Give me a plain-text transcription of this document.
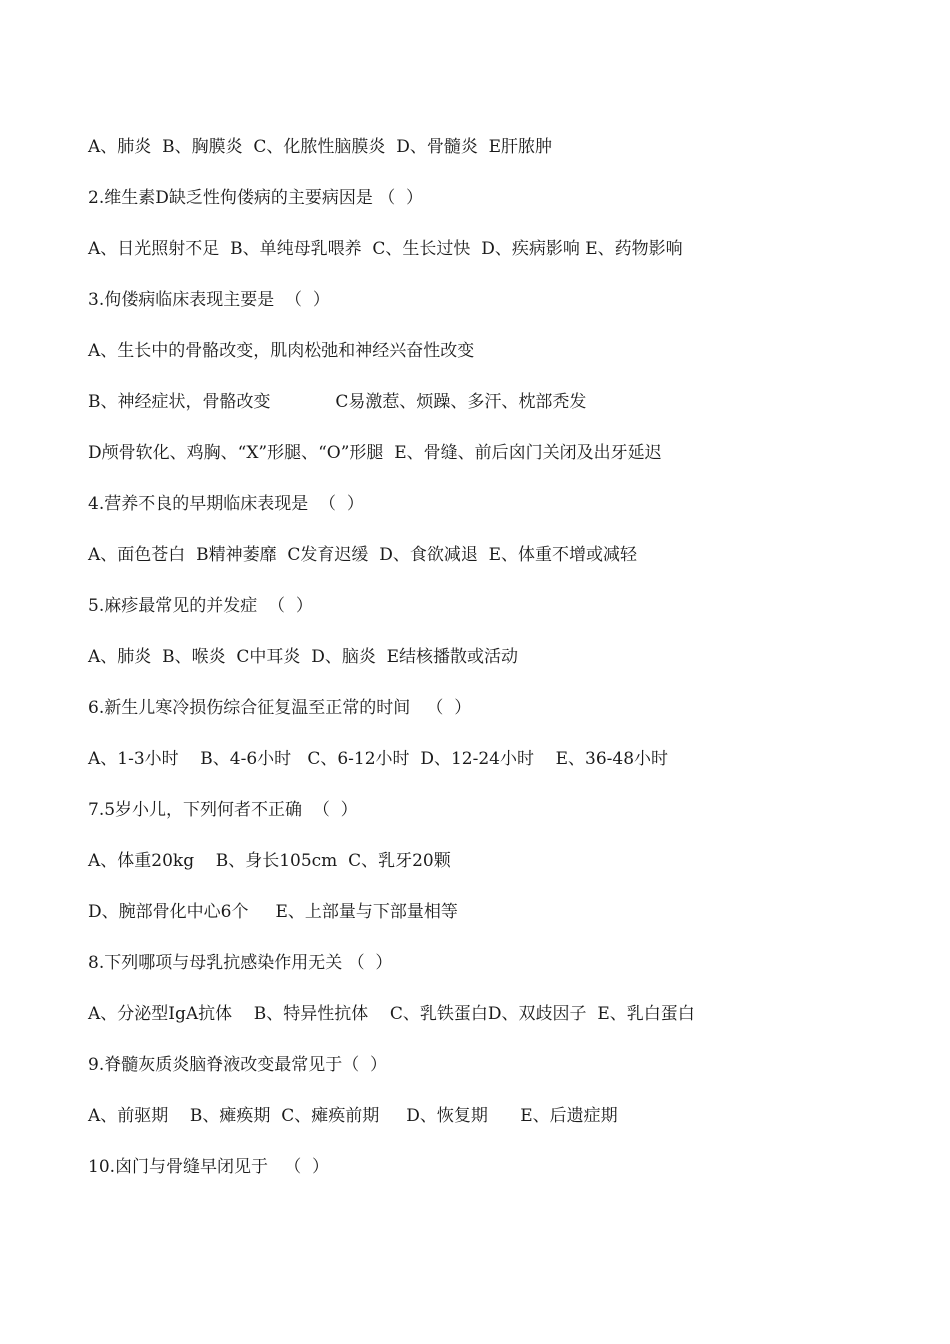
A、肺炎  B、胸膜炎  C、化脓性脑膜炎  D、骨髓炎  E肝脓肿
2.维生素D缺乏性佝偻病的主要病因是 （  ）
A、日光照射不足  B、单纯母乳喂养  C、生长过快  D、疾病影响 E、药物影响
3.佝偻病临床表现主要是  （  ）
A、生长中的骨骼改变，肌肉松弛和神经兴奋性改变
B、神经症状，骨骼改变            C易激惹、烦躁、多汗、枕部秃发
D颅骨软化、鸡胸、“X”形腿、“O”形腿  E、骨缝、前后囟门关闭及出牙延迟
4.营养不良的早期临床表现是  （  ）
A、面色苍白  B精神萎靡  C发育迟缓  D、食欲减退  E、体重不增或减轻
5.麻疹最常见的并发症  （  ）
A、肺炎  B、喉炎  C中耳炎  D、脑炎  E结核播散或活动
6.新生儿寒冷损伤综合征复温至正常的时间   （  ）
A、1-3小时    B、4-6小时   C、6-12小时  D、12-24小时    E、36-48小时
7.5岁小儿，下列何者不正确  （  ）
A、体重20kg    B、身长105cm  C、乳牙20颗
D、腕部骨化中心6个     E、上部量与下部量相等
8.下列哪项与母乳抗感染作用无关 （  ）
A、分泌型IgA抗体    B、特异性抗体    C、乳铁蛋白D、双歧因子  E、乳白蛋白
9.脊髓灰质炎脑脊液改变最常见于（  ）
A、前驱期    B、瘫痪期  C、瘫痪前期     D、恢复期      E、后遗症期
10.囟门与骨缝早闭见于   （  ）
